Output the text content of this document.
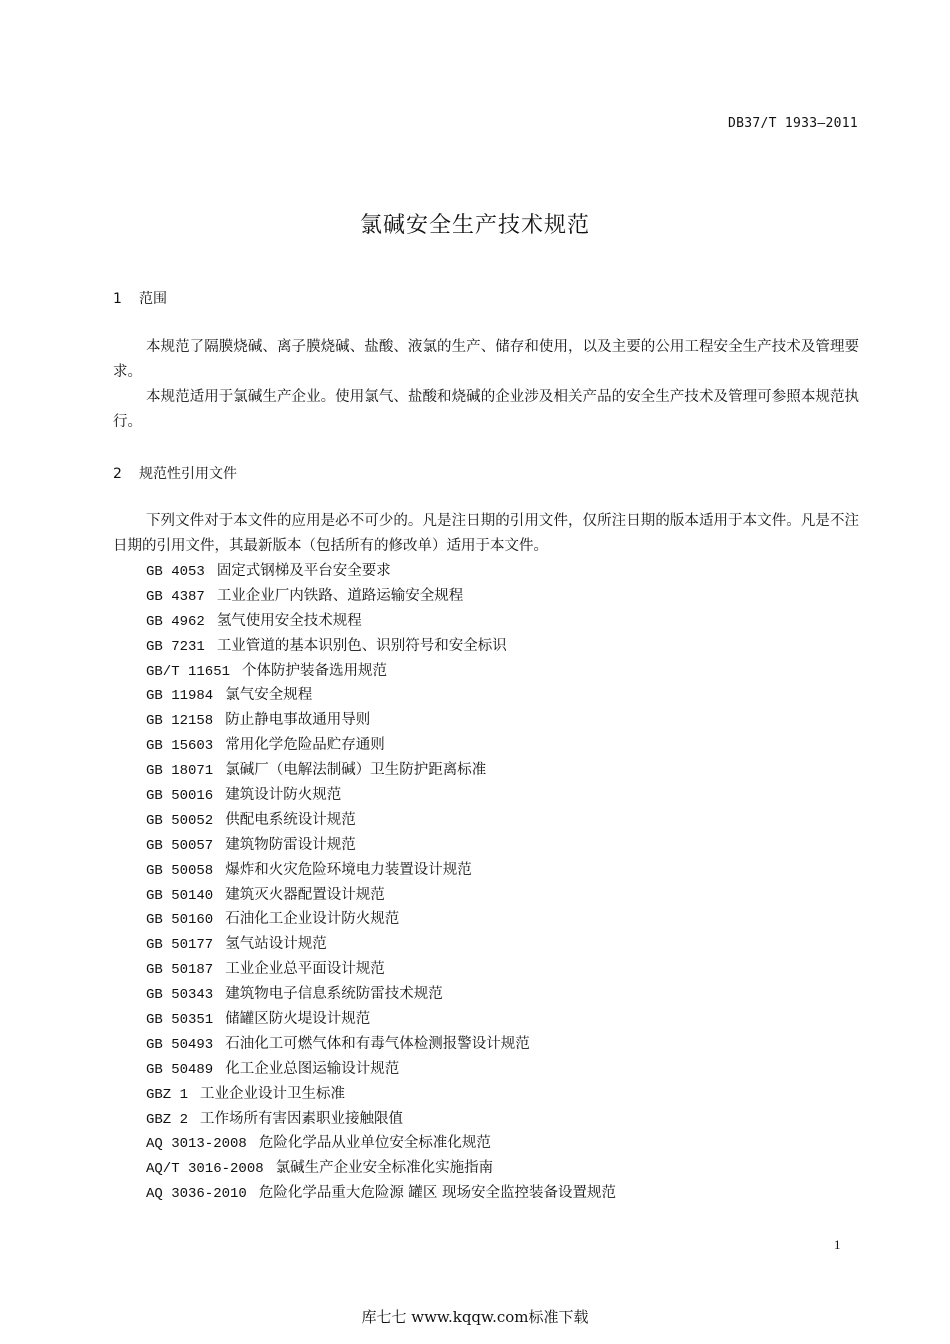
DB37/T 1933—2011
氯碱安全生产技术规范
1 范围

本规范了隔膜烧碱、离子膜烧碱、盐酸、液氯的生产、储存和使用，以及主要的公用工程安全生产技术及管理要求。

本规范适用于氯碱生产企业。使用氯气、盐酸和烧碱的企业涉及相关产品的安全生产技术及管理可参照本规范执行。

2 规范性引用文件

下列文件对于本文件的应用是必不可少的。凡是注日期的引用文件，仅所注日期的版本适用于本文件。凡是不注日期的引用文件，其最新版本（包括所有的修改单）适用于本文件。

GB 4053 固定式钢梯及平台安全要求
GB 4387 工业企业厂内铁路、道路运输安全规程
GB 4962 氢气使用安全技术规程
GB 7231 工业管道的基本识别色、识别符号和安全标识
GB/T 11651 个体防护装备选用规范
GB 11984 氯气安全规程
GB 12158 防止静电事故通用导则
GB 15603 常用化学危险品贮存通则
GB 18071 氯碱厂（电解法制碱）卫生防护距离标准
GB 50016 建筑设计防火规范
GB 50052 供配电系统设计规范
GB 50057 建筑物防雷设计规范
GB 50058 爆炸和火灾危险环境电力装置设计规范
GB 50140 建筑灭火器配置设计规范
GB 50160 石油化工企业设计防火规范
GB 50177 氢气站设计规范
GB 50187 工业企业总平面设计规范
GB 50343 建筑物电子信息系统防雷技术规范
GB 50351 储罐区防火堤设计规范
GB 50493 石油化工可燃气体和有毒气体检测报警设计规范
GB 50489 化工企业总图运输设计规范
GBZ 1 工业企业设计卫生标准
GBZ 2 工作场所有害因素职业接触限值
AQ 3013-2008 危险化学品从业单位安全标准化规范
AQ/T 3016-2008 氯碱生产企业安全标准化实施指南
AQ 3036-2010 危险化学品重大危险源 罐区 现场安全监控装备设置规范
1
库七七 www.kqqw.com标准下载
